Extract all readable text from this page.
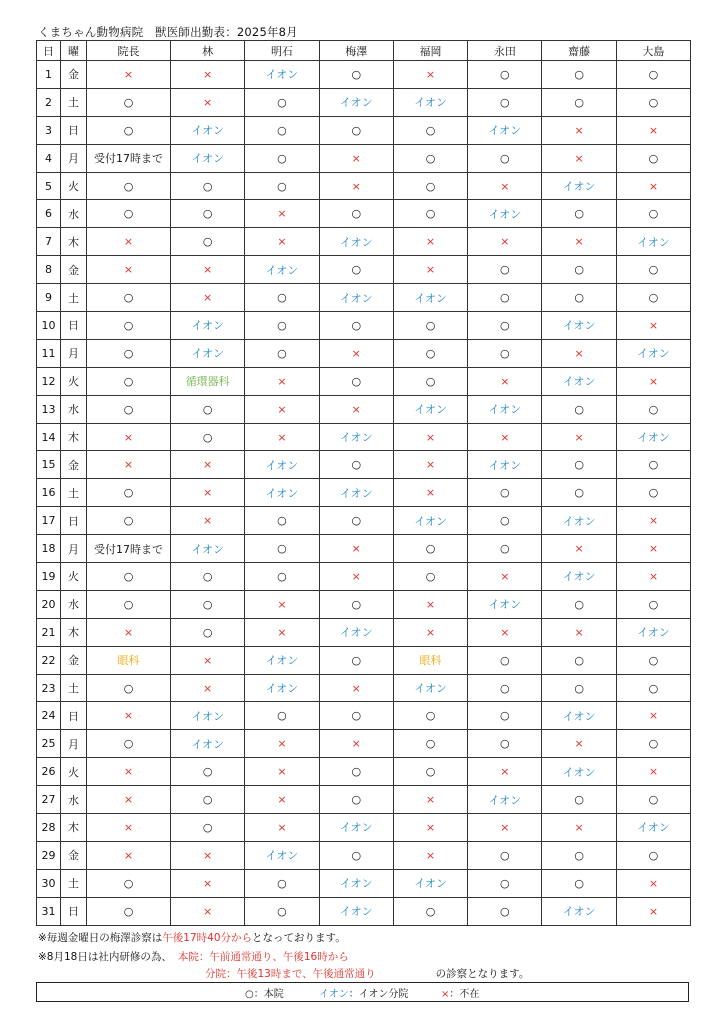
くまちゃん動物病院　獣医師出勤表：2025年8月
日	曜	院長	林	明石	梅澤	福岡	永田	齋藤	大島
1	金	×	×	イオン	○	×	○	○	○
2	土	○	×	○	イオン	イオン	○	○	○
3	日	○	イオン	○	○	○	イオン	×	×
4	月	受付17時まで	イオン	○	×	○	○	×	○
5	火	○	○	○	×	○	×	イオン	×
6	水	○	○	×	○	○	イオン	○	○
7	木	×	○	×	イオン	×	×	×	イオン
8	金	×	×	イオン	○	×	○	○	○
9	土	○	×	○	イオン	イオン	○	○	○
10	日	○	イオン	○	○	○	○	イオン	×
11	月	○	イオン	○	×	○	○	×	イオン
12	火	○	循環器科	×	○	○	×	イオン	×
13	水	○	○	×	×	イオン	イオン	○	○
14	木	×	○	×	イオン	×	×	×	イオン
15	金	×	×	イオン	○	×	イオン	○	○
16	土	○	×	イオン	イオン	×	○	○	○
17	日	○	×	○	○	イオン	○	イオン	×
18	月	受付17時まで	イオン	○	×	○	○	×	×
19	火	○	○	○	×	○	×	イオン	×
20	水	○	○	×	○	×	イオン	○	○
21	木	×	○	×	イオン	×	×	×	イオン
22	金	眼科	×	イオン	○	眼科	○	○	○
23	土	○	×	イオン	×	イオン	○	○	○
24	日	×	イオン	○	○	○	○	イオン	×
25	月	○	イオン	×	×	○	○	×	○
26	火	×	○	×	○	○	×	イオン	×
27	水	×	○	×	○	×	イオン	○	○
28	木	×	○	×	イオン	×	×	×	イオン
29	金	×	×	イオン	○	×	○	○	○
30	土	○	×	○	イオン	イオン	○	○	×
31	日	○	×	○	イオン	○	○	イオン	×
※毎週金曜日の梅澤診察は午後17時40分からとなっております。
※8月18日は社内研修の為、 本院：午前通常通り、午後16時から
分院：午後13時まで、午後通常通り	の診察となります。
○：本院	イオン：イオン分院	×：不在
